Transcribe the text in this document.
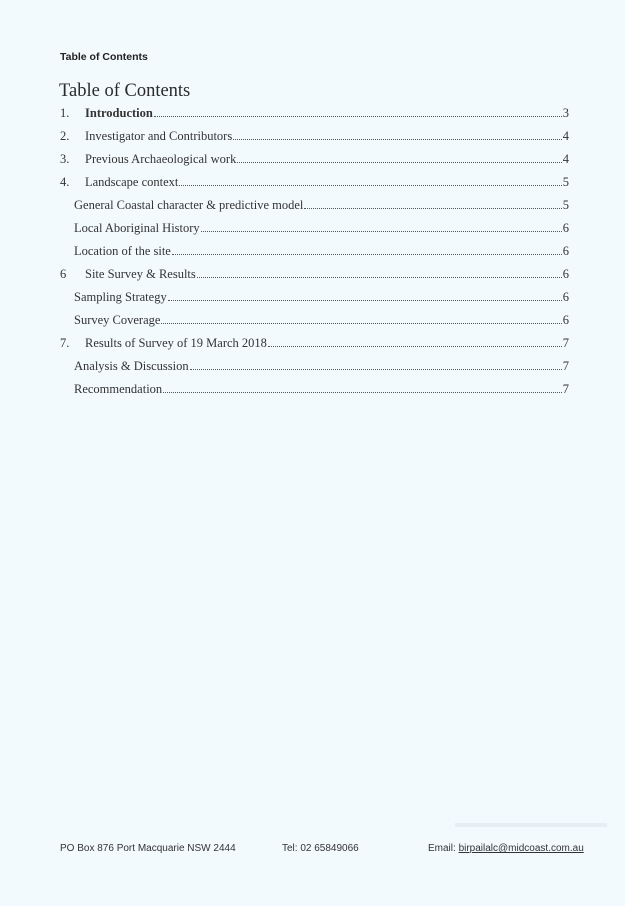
Table of Contents
Table of Contents
1. Introduction	3
2. Investigator and Contributors	4
3. Previous Archaeological work	4
4. Landscape context	5
General Coastal character & predictive model	5
Local Aboriginal History	6
Location of the site	6
6 Site Survey & Results	6
Sampling Strategy	6
Survey Coverage	6
7. Results of Survey of 19 March 2018	7
Analysis & Discussion	7
Recommendation	7
PO Box 876 Port Macquarie NSW 2444	Tel: 02 65849066	Email: birpailalc@midcoast.com.au
